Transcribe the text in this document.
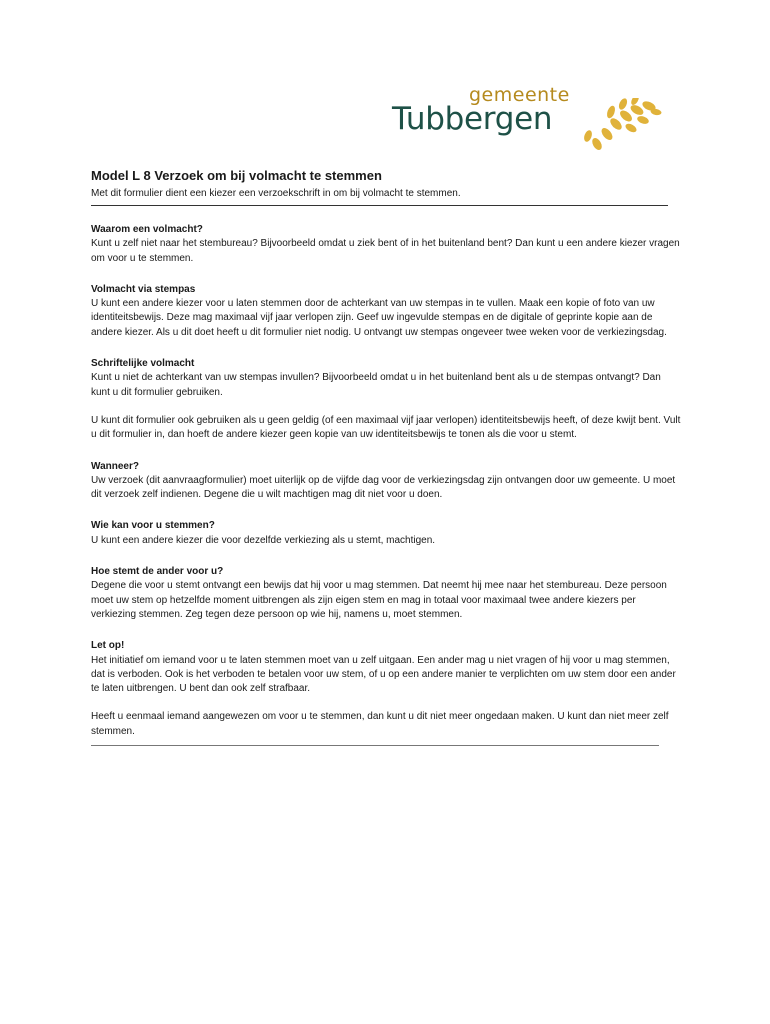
gemeente
Tubbergen
Model L 8 Verzoek om bij volmacht te stemmen

Met dit formulier dient een kiezer een verzoekschrift in om bij volmacht te stemmen.

Waarom een volmacht?

Kunt u zelf niet naar het stembureau? Bijvoorbeeld omdat u ziek bent of in het buitenland bent? Dan kunt u een andere kiezer vragen om voor u te stemmen.

Volmacht via stempas

U kunt een andere kiezer voor u laten stemmen door de achterkant van uw stempas in te vullen. Maak een kopie of foto van uw identiteitsbewijs. Deze mag maximaal vijf jaar verlopen zijn. Geef uw ingevulde stempas en de digitale of geprinte kopie aan de andere kiezer. Als u dit doet heeft u dit formulier niet nodig. U ontvangt uw stempas ongeveer twee weken voor de verkiezingsdag.

Schriftelijke volmacht

Kunt u niet de achterkant van uw stempas invullen? Bijvoorbeeld omdat u in het buitenland bent als u de stempas ontvangt? Dan kunt u dit formulier gebruiken.

U kunt dit formulier ook gebruiken als u geen geldig (of een maximaal vijf jaar verlopen) identiteitsbewijs heeft, of deze kwijt bent. Vult u dit formulier in, dan hoeft de andere kiezer geen kopie van uw identiteitsbewijs te tonen als die voor u stemt.

Wanneer?

Uw verzoek (dit aanvraagformulier) moet uiterlijk op de vijfde dag voor de verkiezingsdag zijn ontvangen door uw gemeente. U moet dit verzoek zelf indienen. Degene die u wilt machtigen mag dit niet voor u doen.

Wie kan voor u stemmen?

U kunt een andere kiezer die voor dezelfde verkiezing als u stemt, machtigen.

Hoe stemt de ander voor u?

Degene die voor u stemt ontvangt een bewijs dat hij voor u mag stemmen. Dat neemt hij mee naar het stembureau. Deze persoon moet uw stem op hetzelfde moment uitbrengen als zijn eigen stem en mag in totaal voor maximaal twee andere kiezers per verkiezing stemmen. Zeg tegen deze persoon op wie hij, namens u, moet stemmen.

Let op!

Het initiatief om iemand voor u te laten stemmen moet van u zelf uitgaan. Een ander mag u niet vragen of hij voor u mag stemmen, dat is verboden. Ook is het verboden te betalen voor uw stem, of u op een andere manier te verplichten om uw stem door een ander te laten uitbrengen. U bent dan ook zelf strafbaar.

Heeft u eenmaal iemand aangewezen om voor u te stemmen, dan kunt u dit niet meer ongedaan maken. U kunt dan niet meer zelf stemmen.
